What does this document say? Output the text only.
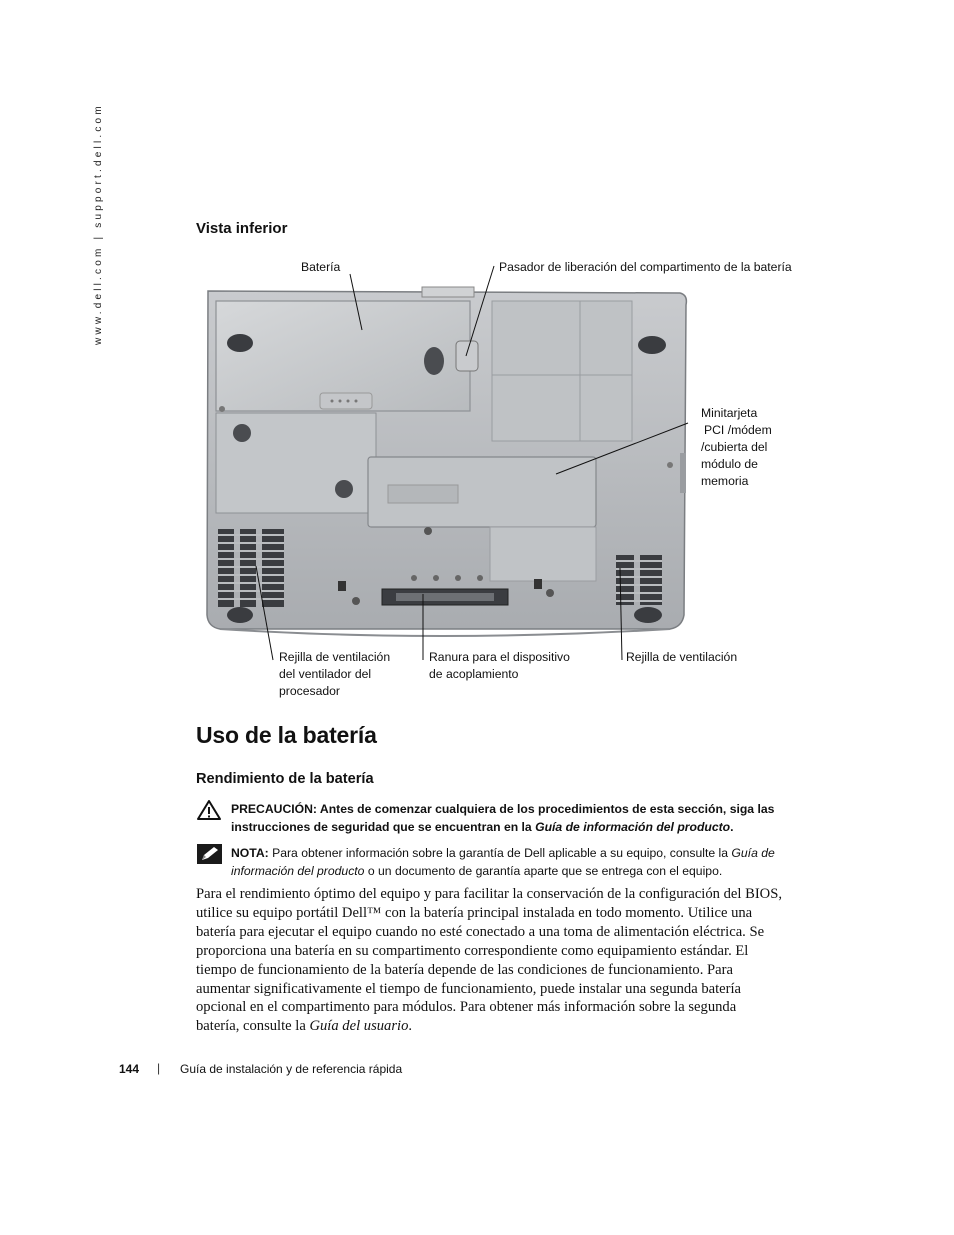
www.dell.com | support.dell.com	Vista inferior
Batería	Pasador de liberación del compartimento de la batería
Minitarjeta
PCI /módem
/cubierta del
módulo de
memoria
Rejilla de ventilación
del ventilador del
procesador
Ranura para el dispositivo
de acoplamiento
Rejilla de ventilación
Uso de la batería
Rendimiento de la batería
PRECAUCIÓN: Antes de comenzar cualquiera de los procedimientos de esta sección, siga las
instrucciones de seguridad que se encuentran en la Guía de información del producto.
NOTA: Para obtener información sobre la garantía de Dell aplicable a su equipo, consulte la Guía de
información del producto o un documento de garantía aparte que se entrega con el equipo.
Para el rendimiento óptimo del equipo y para facilitar la conservación de la configuración del BIOS,
utilice su equipo portátil Dell™ con la batería principal instalada en todo momento. Utilice una
batería para ejecutar el equipo cuando no esté conectado a una toma de alimentación eléctrica. Se
proporciona una batería en su compartimento correspondiente como equipamiento estándar. El
tiempo de funcionamiento de la batería depende de las condiciones de funcionamiento. Para
aumentar significativamente el tiempo de funcionamiento, puede instalar una segunda batería
opcional en el compartimento para módulos. Para obtener más información sobre la segunda
batería, consulte la Guía del usuario.
144 | Guía de instalación y de referencia rápida
